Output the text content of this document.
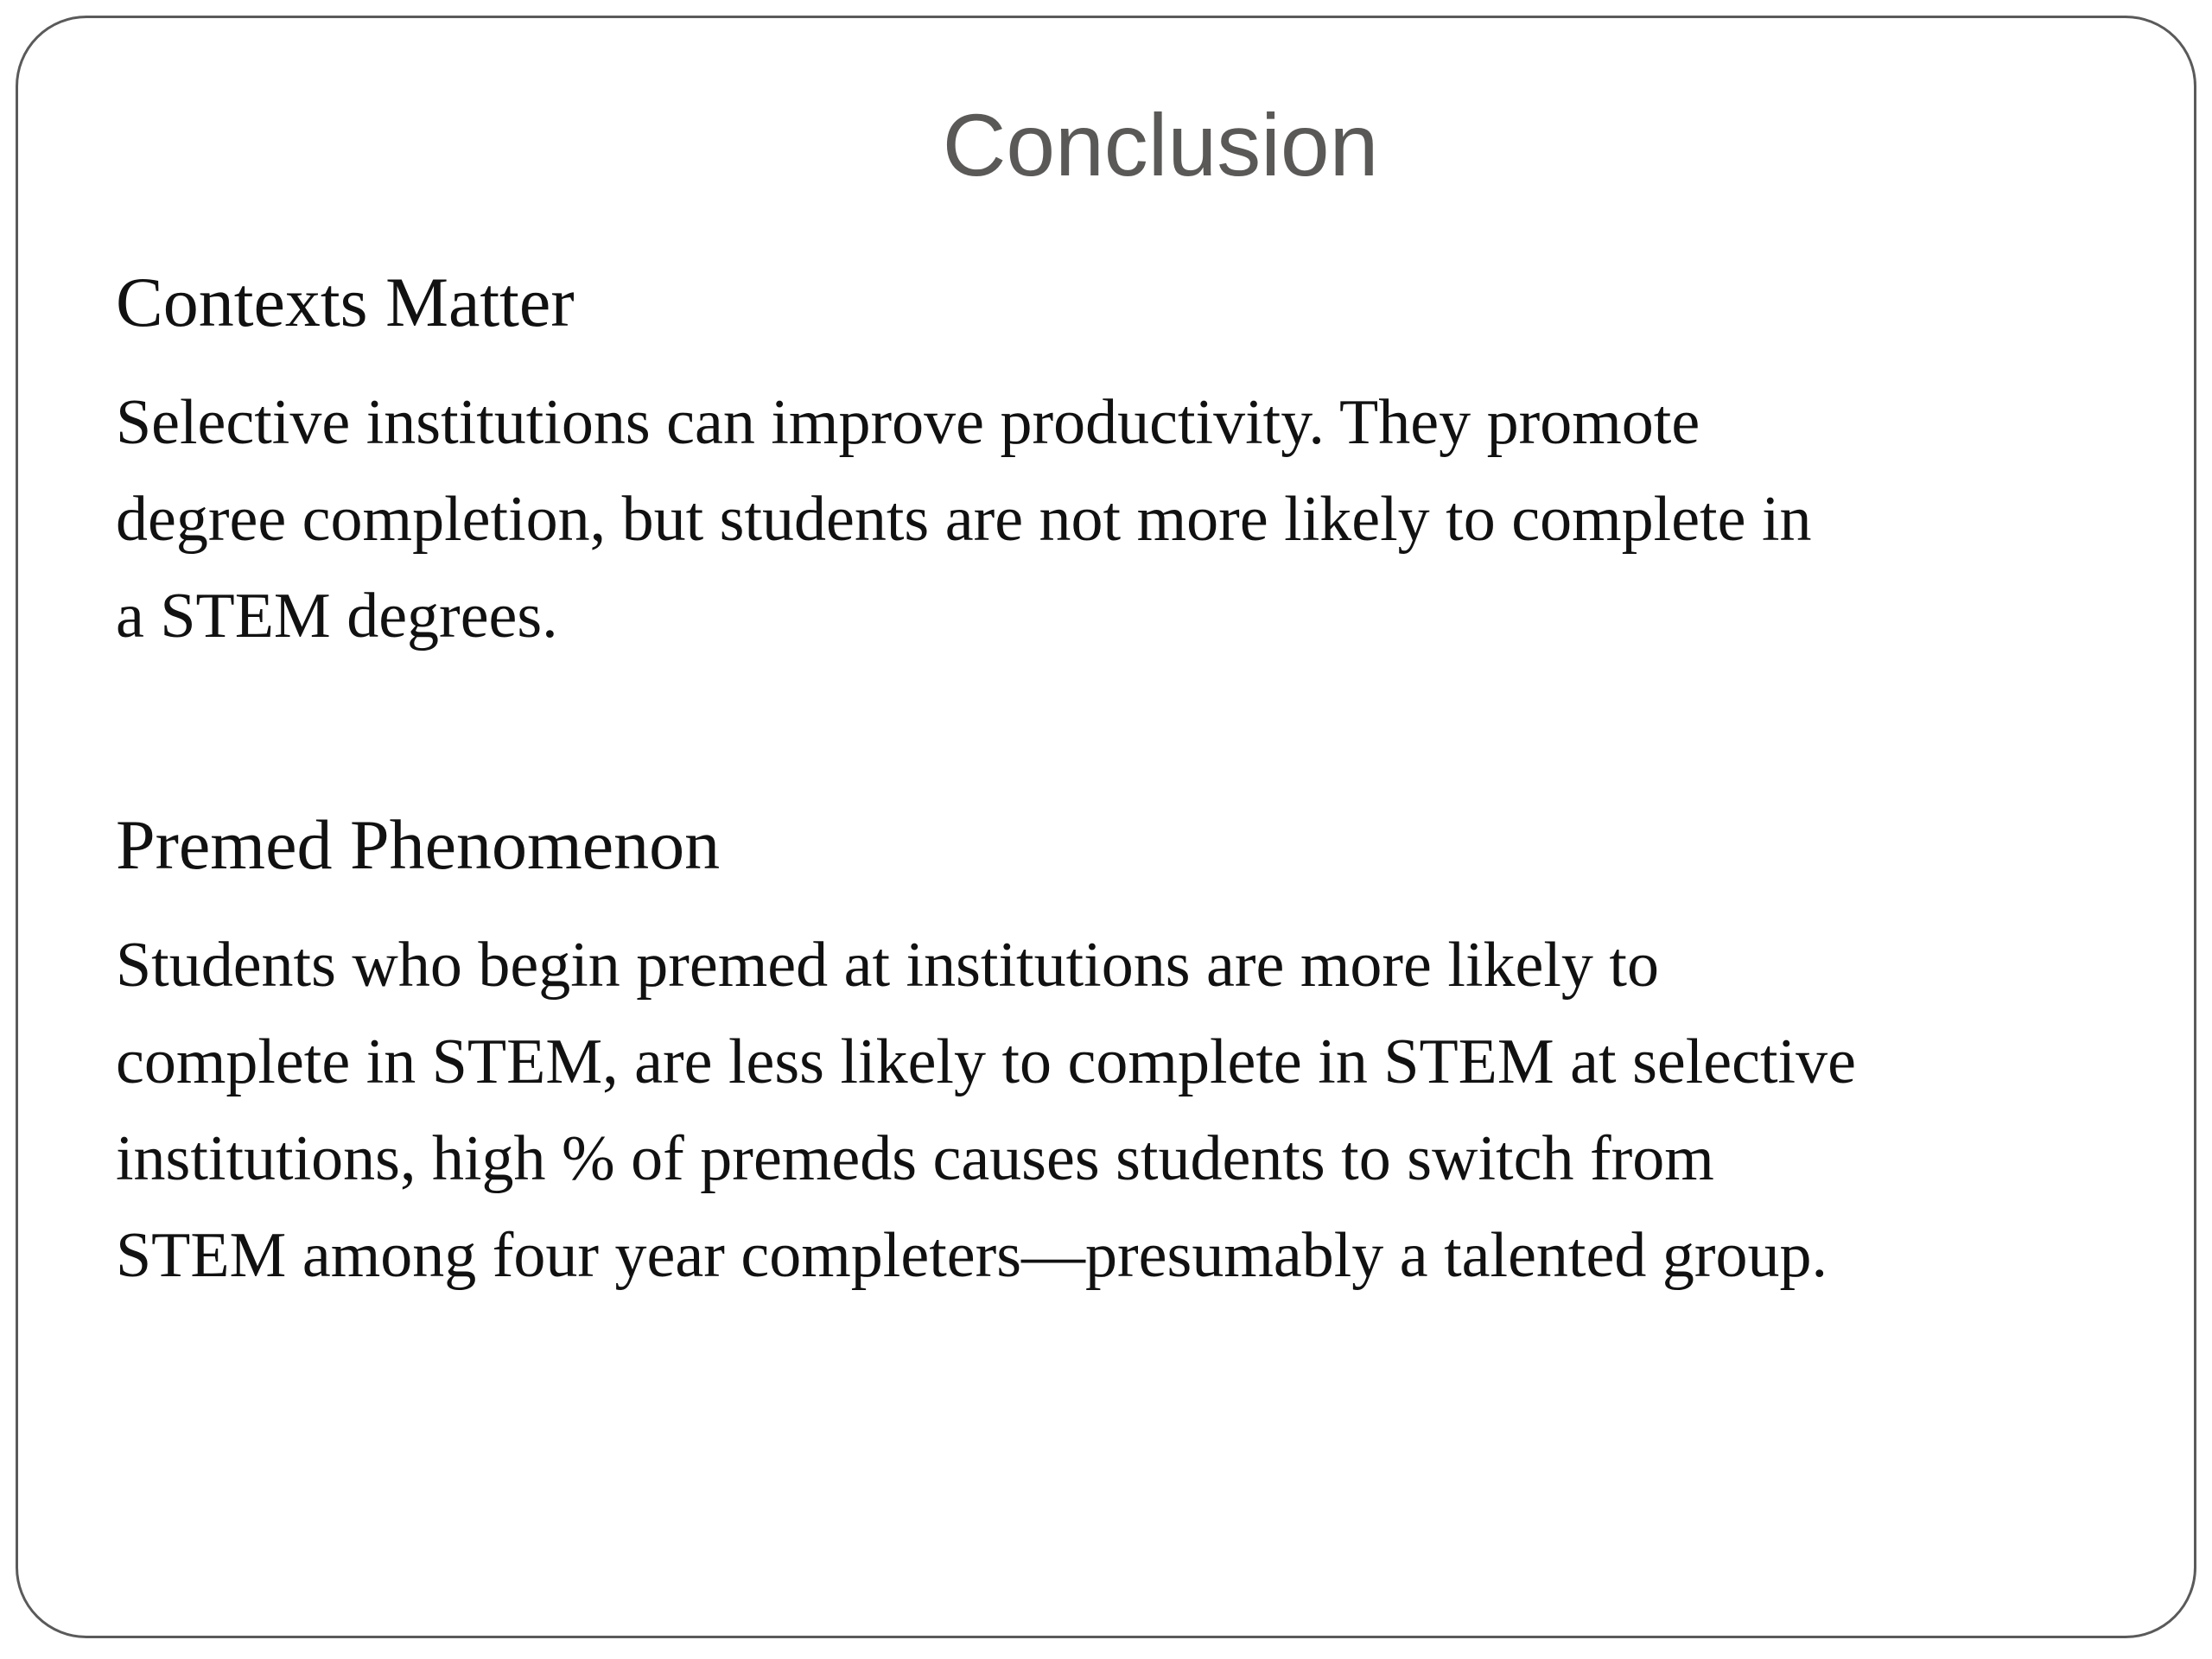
Conclusion

Contexts Matter

Selective institutions can improve productivity. They promote
degree completion, but students are not more likely to complete in
a STEM degrees.

Premed Phenomenon

Students who begin premed at institutions are more likely to
complete in STEM, are less likely to complete in STEM at selective
institutions, high % of premeds causes students to switch from
STEM among four year completers—presumably a talented group.
